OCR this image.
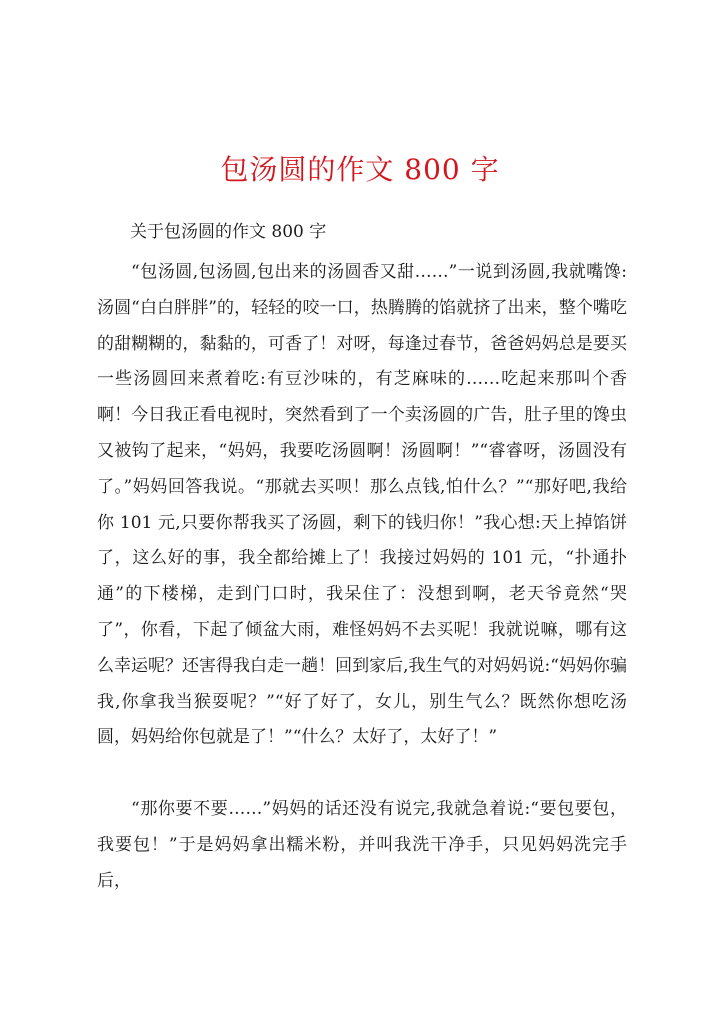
包汤圆的作文 800 字
关于包汤圆的作文 800 字

“包汤圆,包汤圆,包出来的汤圆香又甜……”一说到汤圆,我就嘴馋:汤圆“白白胖胖”的，轻轻的咬一口，热腾腾的馅就挤了出来，整个嘴吃的甜糊糊的，黏黏的，可香了！对呀，每逢过春节，爸爸妈妈总是要买一些汤圆回来煮着吃:有豆沙味的，有芝麻味的……吃起来那叫个香啊！今日我正看电视时，突然看到了一个卖汤圆的广告，肚子里的馋虫又被钩了起来，“妈妈，我要吃汤圆啊！汤圆啊！”“睿睿呀，汤圆没有了。”妈妈回答我说。“那就去买呗！那么点钱,怕什么？”“那好吧,我给你 101 元,只要你帮我买了汤圆，剩下的钱归你！”我心想:天上掉馅饼了，这么好的事，我全都给摊上了！我接过妈妈的 101 元，“扑通扑通”的下楼梯，走到门口时，我呆住了：没想到啊，老天爷竟然“哭了”，你看，下起了倾盆大雨，难怪妈妈不去买呢！我就说嘛，哪有这么幸运呢？还害得我白走一趟！回到家后,我生气的对妈妈说:“妈妈你骗我,你拿我当猴耍呢？”“好了好了，女儿，别生气么？既然你想吃汤圆，妈妈给你包就是了！”“什么？太好了，太好了！”

“那你要不要……”妈妈的话还没有说完,我就急着说:“要包要包，我要包！”于是妈妈拿出糯米粉，并叫我洗干净手，只见妈妈洗完手后，
